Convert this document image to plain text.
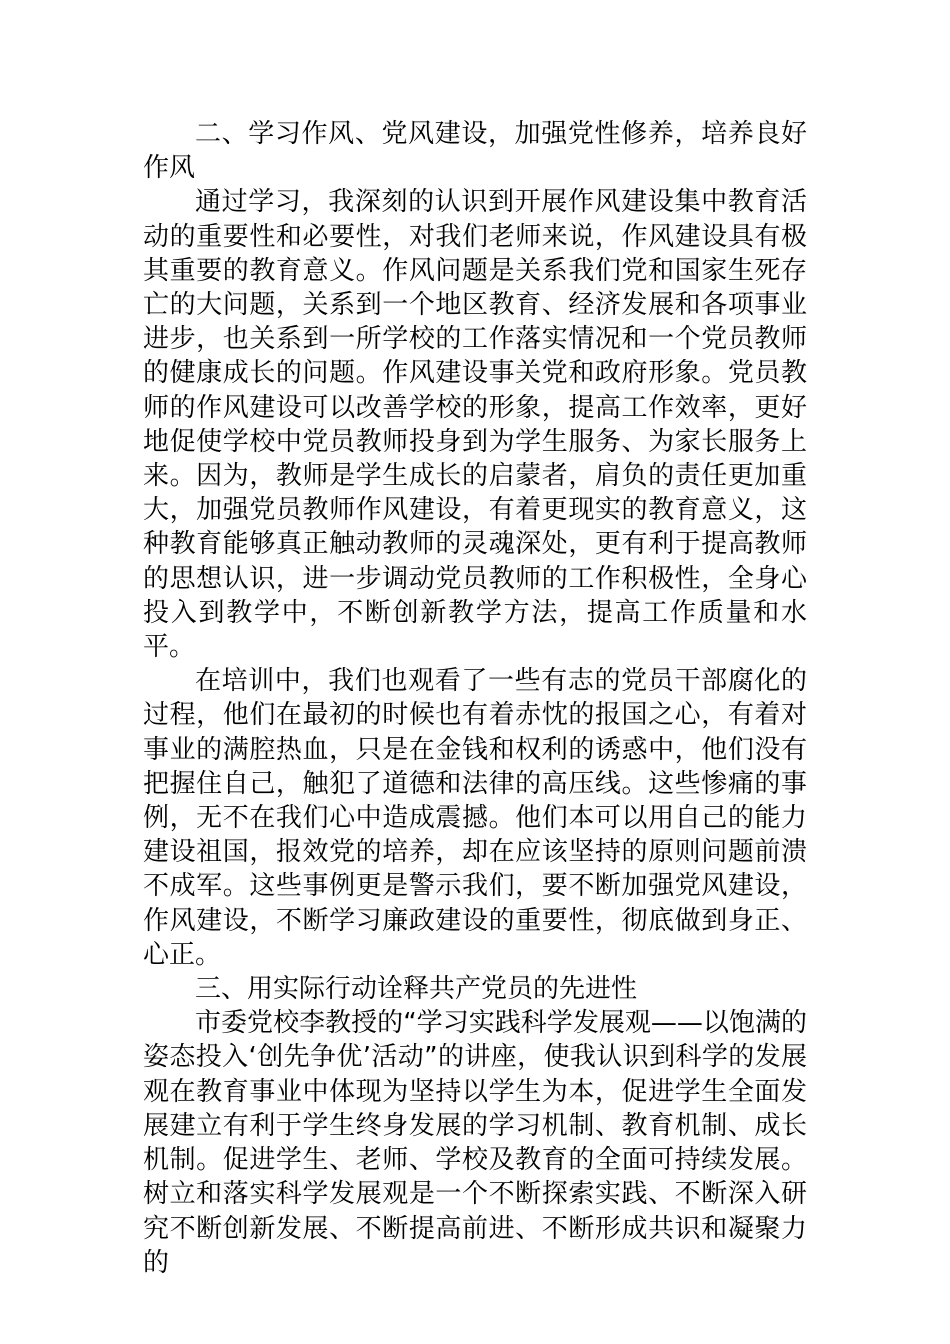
二、学习作风、党风建设，加强党性修养，培养良好作风

通过学习，我深刻的认识到开展作风建设集中教育活动的重要性和必要性，对我们老师来说，作风建设具有极其重要的教育意义。作风问题是关系我们党和国家生死存亡的大问题，关系到一个地区教育、经济发展和各项事业进步，也关系到一所学校的工作落实情况和一个党员教师的健康成长的问题。作风建设事关党和政府形象。党员教师的作风建设可以改善学校的形象，提高工作效率，更好地促使学校中党员教师投身到为学生服务、为家长服务上来。因为，教师是学生成长的启蒙者，肩负的责任更加重大，加强党员教师作风建设，有着更现实的教育意义，这种教育能够真正触动教师的灵魂深处，更有利于提高教师的思想认识，进一步调动党员教师的工作积极性，全身心投入到教学中，不断创新教学方法，提高工作质量和水平。

在培训中，我们也观看了一些有志的党员干部腐化的过程，他们在最初的时候也有着赤忱的报国之心，有着对事业的满腔热血，只是在金钱和权利的诱惑中，他们没有把握住自己，触犯了道德和法律的高压线。这些惨痛的事例，无不在我们心中造成震撼。他们本可以用自己的能力建设祖国，报效党的培养，却在应该坚持的原则问题前溃不成军。这些事例更是警示我们，要不断加强党风建设，作风建设，不断学习廉政建设的重要性，彻底做到身正、心正。

三、用实际行动诠释共产党员的先进性

市委党校李教授的“学习实践科学发展观——以饱满的姿态投入‘创先争优’活动”的讲座，使我认识到科学的发展观在教育事业中体现为坚持以学生为本，促进学生全面发展建立有利于学生终身发展的学习机制、教育机制、成长机制。促进学生、老师、学校及教育的全面可持续发展。树立和落实科学发展观是一个不断探索实践、不断深入研究不断创新发展、不断提高前进、不断形成共识和凝聚力的
